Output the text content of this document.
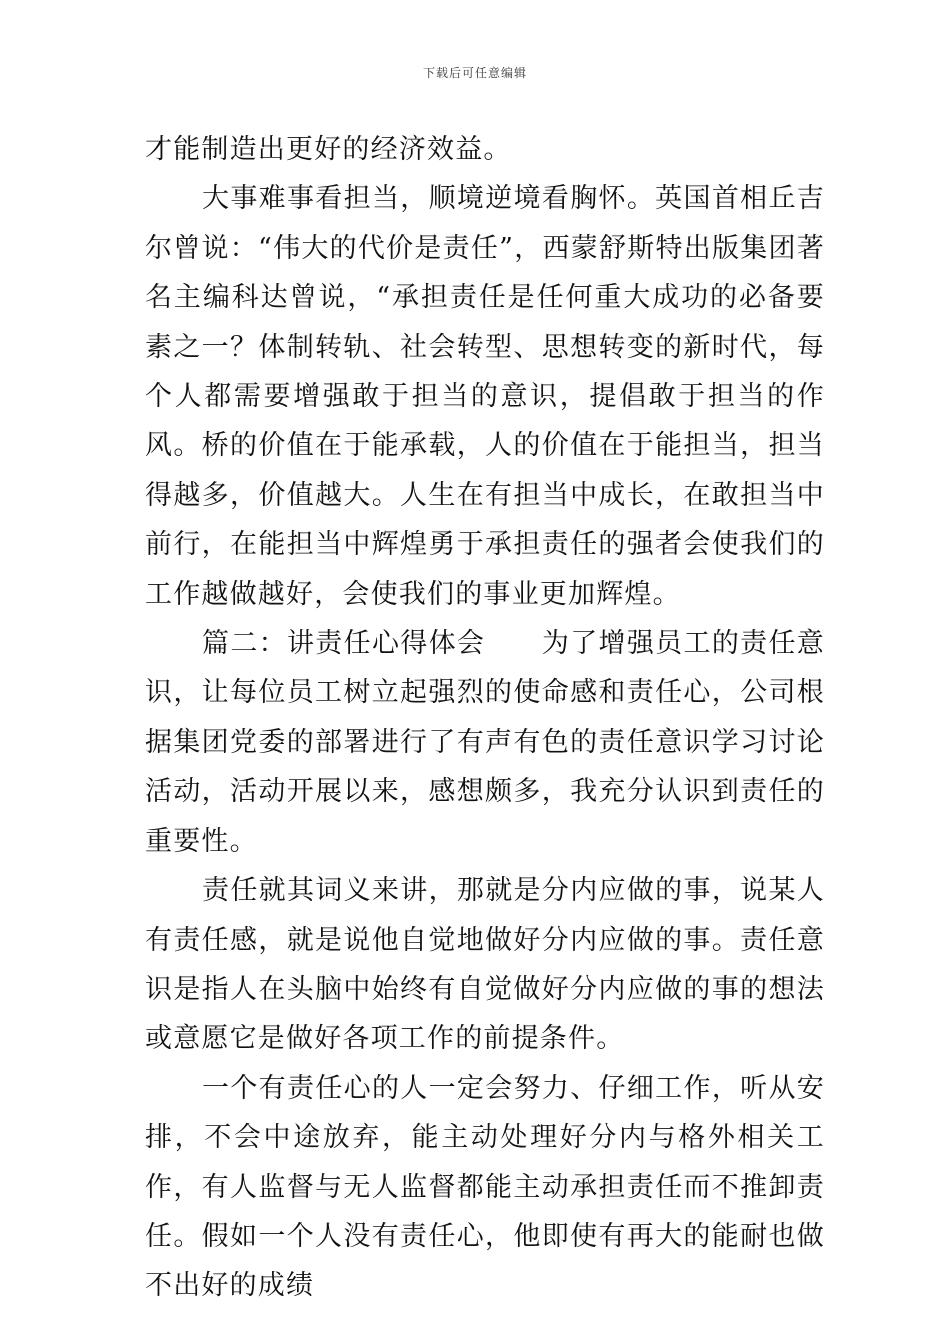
下载后可任意编辑

才能制造出更好的经济效益。

大事难事看担当，顺境逆境看胸怀。英国首相丘吉尔曾说：“伟大的代价是责任”，西蒙舒斯特出版集团著名主编科达曾说，“承担责任是任何重大成功的必备要素之一？体制转轨、社会转型、思想转变的新时代，每个人都需要增强敢于担当的意识，提倡敢于担当的作风。桥的价值在于能承载，人的价值在于能担当，担当得越多，价值越大。人生在有担当中成长，在敢担当中前行，在能担当中辉煌勇于承担责任的强者会使我们的工作越做越好，会使我们的事业更加辉煌。

篇二：讲责任心得体会　　为了增强员工的责任意识，让每位员工树立起强烈的使命感和责任心，公司根据集团党委的部署进行了有声有色的责任意识学习讨论活动，活动开展以来，感想颇多，我充分认识到责任的重要性。

责任就其词义来讲，那就是分内应做的事，说某人有责任感，就是说他自觉地做好分内应做的事。责任意识是指人在头脑中始终有自觉做好分内应做的事的想法或意愿它是做好各项工作的前提条件。

一个有责任心的人一定会努力、仔细工作，听从安排，不会中途放弃，能主动处理好分内与格外相关工作，有人监督与无人监督都能主动承担责任而不推卸责任。假如一个人没有责任心，他即使有再大的能耐也做不出好的成绩
